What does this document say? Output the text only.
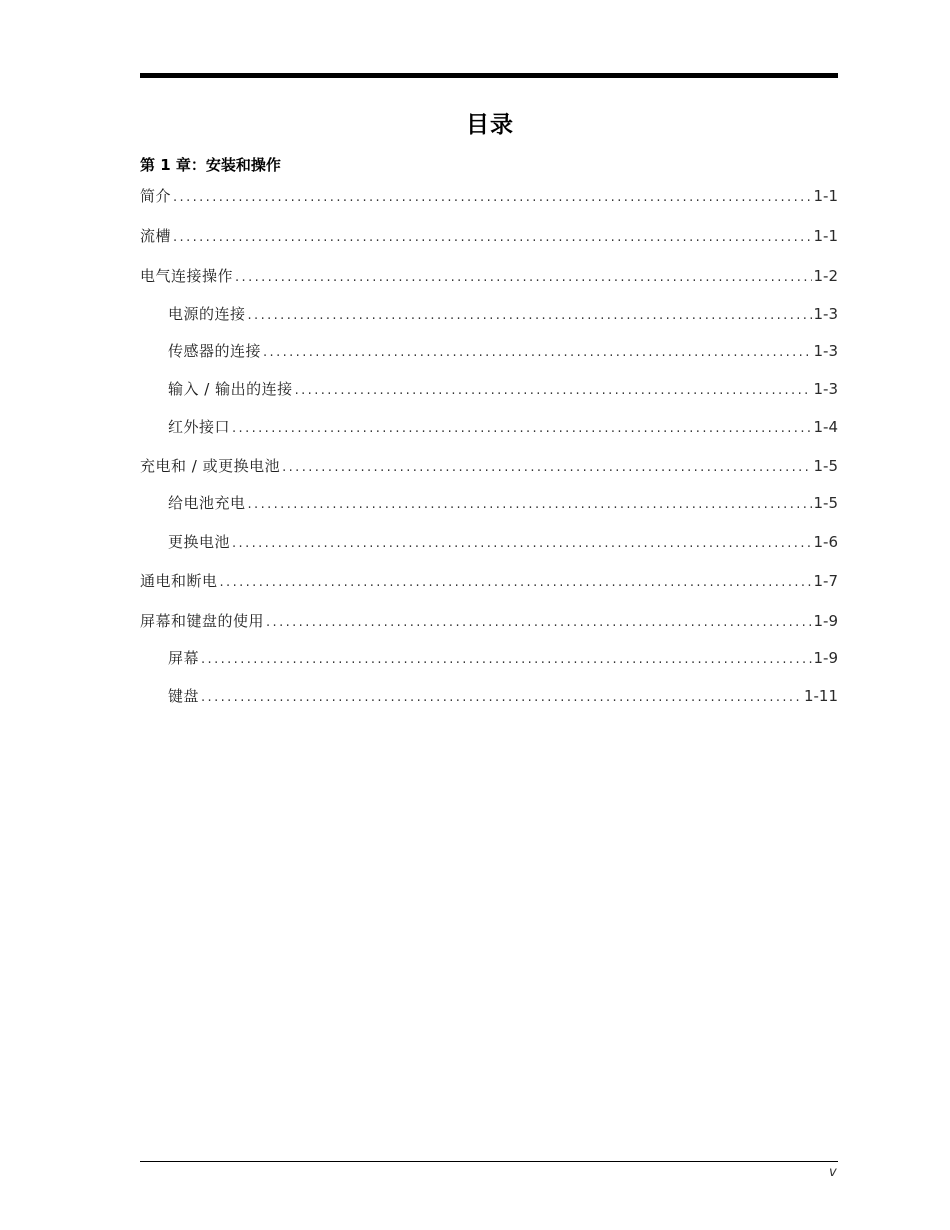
目录
第 1 章：安装和操作
简介 .....	1-1
流槽 .....	1-1
电气连接操作 .....	1-2
电源的连接 .....	1-3
传感器的连接 .....	1-3
输入 / 输出的连接 .....	1-3
红外接口 .....	1-4
充电和 / 或更换电池 .....	1-5
给电池充电 .....	1-5
更换电池 .....	1-6
通电和断电 .....	1-7
屏幕和键盘的使用 .....	1-9
屏幕 .....	1-9
键盘 .....	1-11
v
